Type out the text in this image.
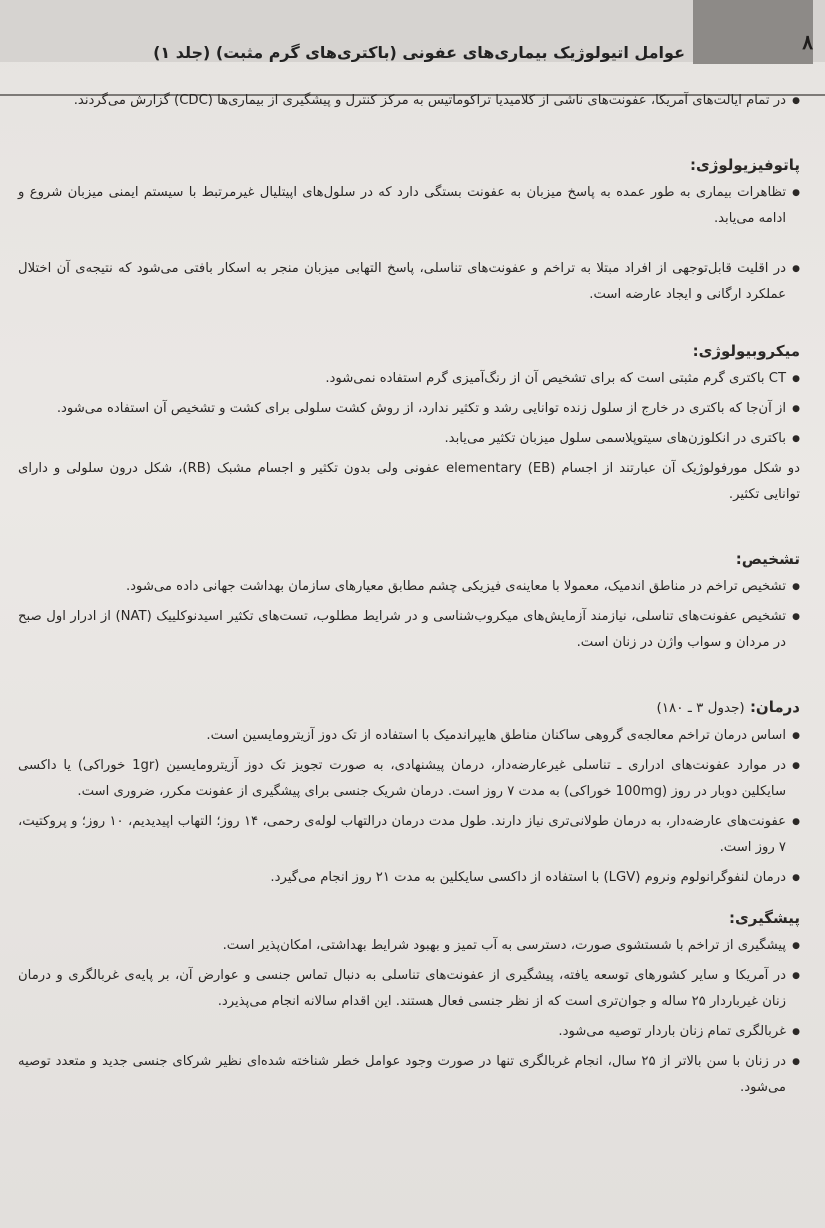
۸
عوامل اتیولوژیک بیماری‌های عفونی (باکتری‌های گرم مثبت) (جلد ۱)

● در تمام ایالت‌های آمریکا، عفونت‌های ناشی از کلامیدیا تراکوماتیس به مرکز کنترل و پیشگیری از بیماری‌ها (CDC) گزارش می‌گردند.

پاتوفیزیولوژی:

● تظاهرات بیماری به طور عمده به پاسخ میزبان به عفونت بستگی دارد که در سلول‌های اپیتلیال غیرمرتبط با سیستم ایمنی میزبان شروع و ادامه می‌یابد.

● در اقلیت قابل‌توجهی از افراد مبتلا به تراخم و عفونت‌های تناسلی، پاسخ التهابی میزبان منجر به اسکار بافتی می‌شود که نتیجه‌ی آن اختلال عملکرد ارگانی و ایجاد عارضه است.

میکروبیولوژی:

● CT باکتری گرم مثبتی است که برای تشخیص آن از رنگ‌آمیزی گرم استفاده نمی‌شود.

● از آن‌جا که باکتری در خارج از سلول زنده توانایی رشد و تکثیر ندارد، از روش کشت سلولی برای کشت و تشخیص آن استفاده می‌شود.

● باکتری در انکلوزن‌های سیتوپلاسمی سلول میزبان تکثیر می‌یابد.

دو شکل مورفولوژیک آن عبارتند از اجسام elementary (EB) عفونی ولی بدون تکثیر و اجسام مشبک (RB)، شکل درون سلولی و دارای توانایی تکثیر.

تشخیص:

● تشخیص تراخم در مناطق اندمیک، معمولا با معاینه‌ی فیزیکی چشم مطابق معیارهای سازمان بهداشت جهانی داده می‌شود.

● تشخیص عفونت‌های تناسلی، نیازمند آزمایش‌های میکروب‌شناسی و در شرایط مطلوب، تست‌های تکثیر اسیدنوکلییک (NAT) از ادرار اول صبح در مردان و سواب واژن در زنان است.

درمان: (جدول ۳ ـ ۱۸۰)

● اساس درمان تراخم معالجه‌ی گروهی ساکنان مناطق هایپراندمیک با استفاده از تک دوز آزیترومایسین است.

● در موارد عفونت‌های ادراری ـ تناسلی غیرعارضه‌دار، درمان پیشنهادی، به صورت تجویز تک دوز آزیترومایسین (1gr خوراکی) یا داکسی سایکلین دوبار در روز (100mg خوراکی) به مدت ۷ روز است. درمان شریک جنسی برای پیشگیری از عفونت مکرر، ضروری است.

● عفونت‌های عارضه‌دار، به درمان طولانی‌تری نیاز دارند. طول مدت درمان درالتهاب لوله‌ی رحمی، ۱۴ روز؛ التهاب اپیدیدیم، ۱۰ روز؛ و پروکتیت، ۷ روز است.

● درمان لنفوگرانولوم ونروم (LGV) با استفاده از داکسی سایکلین به مدت ۲۱ روز انجام می‌گیرد.

پیشگیری:

● پیشگیری از تراخم با شستشوی صورت، دسترسی به آب تمیز و بهبود شرایط بهداشتی، امکان‌پذیر است.

● در آمریکا و سایر کشورهای توسعه یافته، پیشگیری از عفونت‌های تناسلی به دنبال تماس جنسی و عوارض آن، بر پایه‌ی غربالگری و درمان زنان غیرباردار ۲۵ ساله و جوان‌تری است که از نظر جنسی فعال هستند. این اقدام سالانه انجام می‌پذیرد.

● غربالگری تمام زنان باردار توصیه می‌شود.

● در زنان با سن بالاتر از ۲۵ سال، انجام غربالگری تنها در صورت وجود عوامل خطر شناخته شده‌ای نظیر شرکای جنسی جدید و متعدد توصیه می‌شود.
